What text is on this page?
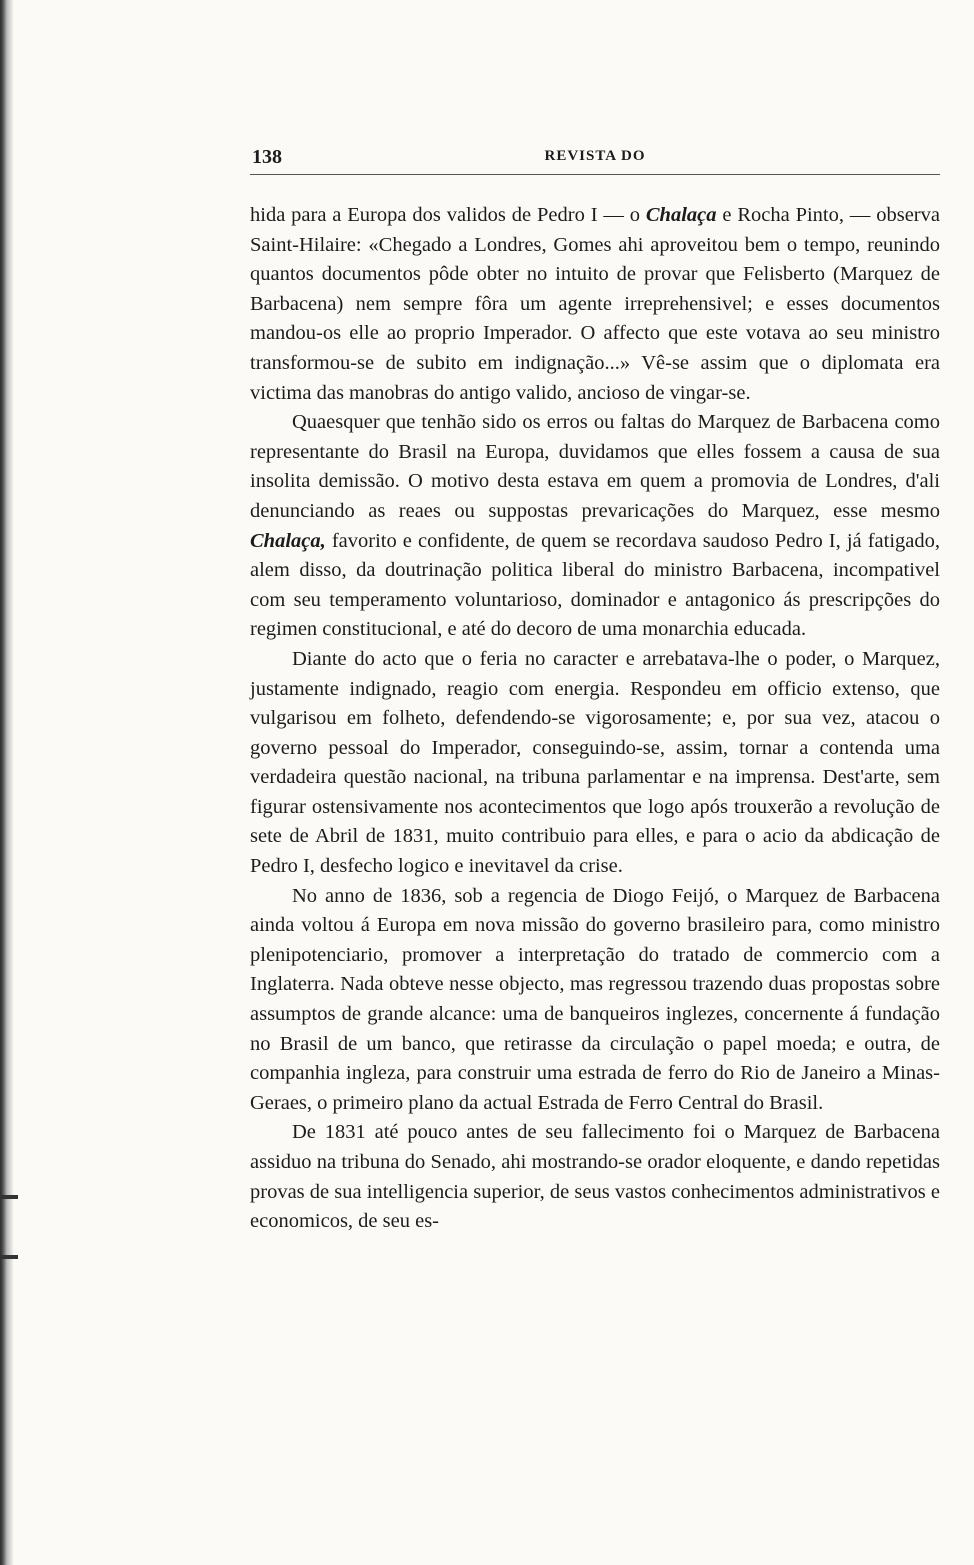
138	REVISTA DO

hida para a Europa dos validos de Pedro I — o Chalaça e Rocha Pinto, — observa Saint-Hilaire: «Chegado a Londres, Gomes ahi aproveitou bem o tempo, reunindo quantos documentos pôde obter no intuito de provar que Felisberto (Marquez de Barbacena) nem sempre fôra um agente irreprehensivel; e esses documentos mandou-os elle ao proprio Imperador. O affecto que este votava ao seu ministro transformou-se de subito em indignação...» Vê-se assim que o diplomata era victima das manobras do antigo valido, ancioso de vingar-se.

Quaesquer que tenhão sido os erros ou faltas do Marquez de Barbacena como representante do Brasil na Europa, duvidamos que elles fossem a causa de sua insolita demissão. O motivo desta estava em quem a promovia de Londres, d'ali denunciando as reaes ou suppostas prevaricações do Marquez, esse mesmo Chalaça, favorito e confidente, de quem se recordava saudoso Pedro I, já fatigado, alem disso, da doutrinação politica liberal do ministro Barbacena, incompativel com seu temperamento voluntarioso, dominador e antagonico ás prescripções do regimen constitucional, e até do decoro de uma monarchia educada.

Diante do acto que o feria no caracter e arrebatava-lhe o poder, o Marquez, justamente indignado, reagio com energia. Respondeu em officio extenso, que vulgarisou em folheto, defendendo-se vigorosamente; e, por sua vez, atacou o governo pessoal do Imperador, conseguindo-se, assim, tornar a contenda uma verdadeira questão nacional, na tribuna parlamentar e na imprensa. Dest'arte, sem figurar ostensivamente nos acontecimentos que logo após trouxerão a revolução de sete de Abril de 1831, muito contribuio para elles, e para o acio da abdicação de Pedro I, desfecho logico e inevitavel da crise.

No anno de 1836, sob a regencia de Diogo Feijó, o Marquez de Barbacena ainda voltou á Europa em nova missão do governo brasileiro para, como ministro plenipotenciario, promover a interpretação do tratado de commercio com a Inglaterra. Nada obteve nesse objecto, mas regressou trazendo duas propostas sobre assumptos de grande alcance: uma de banqueiros inglezes, concernente á fundação no Brasil de um banco, que retirasse da circulação o papel moeda; e outra, de companhia ingleza, para construir uma estrada de ferro do Rio de Janeiro a Minas-Geraes, o primeiro plano da actual Estrada de Ferro Central do Brasil.

De 1831 até pouco antes de seu fallecimento foi o Marquez de Barbacena assiduo na tribuna do Senado, ahi mostrando-se orador eloquente, e dando repetidas provas de sua intelligencia superior, de seus vastos conhecimentos administrativos e economicos, de seu es-
